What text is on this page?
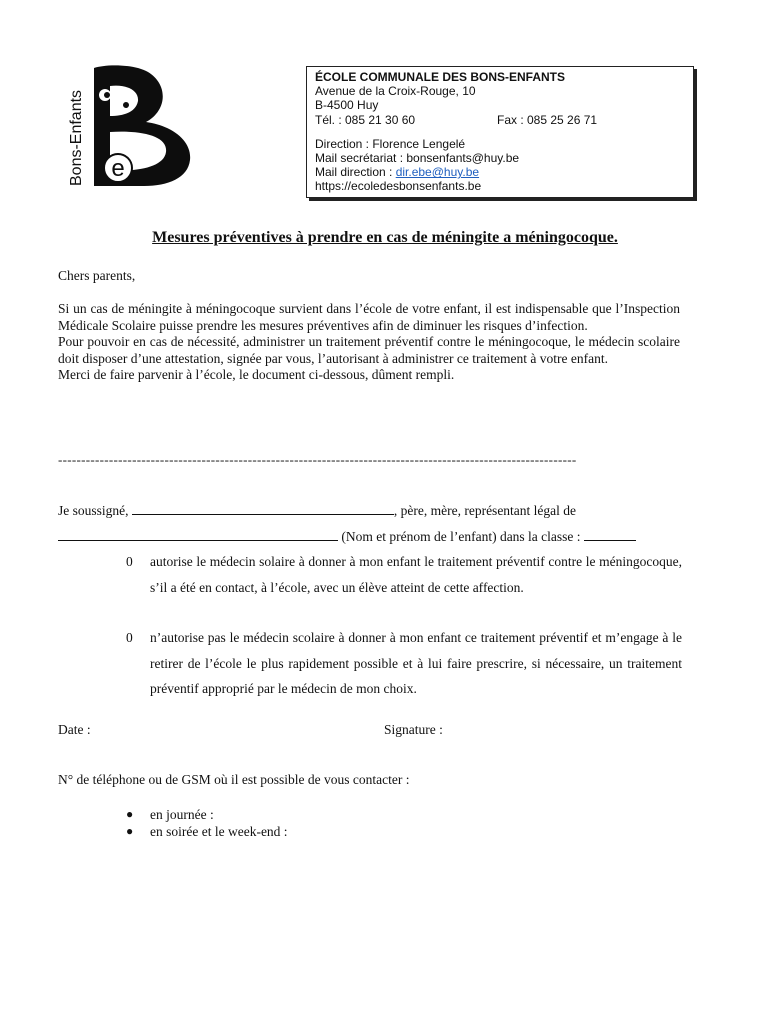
Bons-Enfants e
ÉCOLE COMMUNALE DES BONS-ENFANTS
Avenue de la Croix-Rouge, 10
B-4500 Huy
Tél. : 085 21 30 60	Fax : 085 25 26 71
Direction : Florence Lengelé
Mail secrétariat : bonsenfants@huy.be
Mail direction : dir.ebe@huy.be
https://ecoledesbonsenfants.be
Mesures préventives à prendre en cas de méningite a méningocoque.
Chers parents,
Si un cas de méningite à méningocoque survient dans l’école de votre enfant, il est indispensable que l’Inspection Médicale Scolaire puisse prendre les mesures préventives afin de diminuer les risques d’infection.
Pour pouvoir en cas de nécessité, administrer un traitement préventif contre le méningocoque, le médecin scolaire doit disposer d’une attestation, signée par vous, l’autorisant à administrer ce traitement à votre enfant.
Merci de faire parvenir à l’école, le document ci-dessous, dûment rempli.
----------------------------------------------------------------------------------------------------------------
Je soussigné,	, père, mère, représentant légal de
(Nom et prénom de l’enfant) dans la classe :
0 autorise le médecin solaire à donner à mon enfant le traitement préventif contre le méningocoque, s’il a été en contact, à l’école, avec un élève atteint de cette affection.
0 n’autorise pas le médecin scolaire à donner à mon enfant ce traitement préventif et m’engage à le retirer de l’école le plus rapidement possible et à lui faire prescrire, si nécessaire, un traitement préventif approprié par le médecin de mon choix.
Date :	Signature :
N° de téléphone ou de GSM où il est possible de vous contacter :
●	en journée :
●	en soirée et le week-end :
